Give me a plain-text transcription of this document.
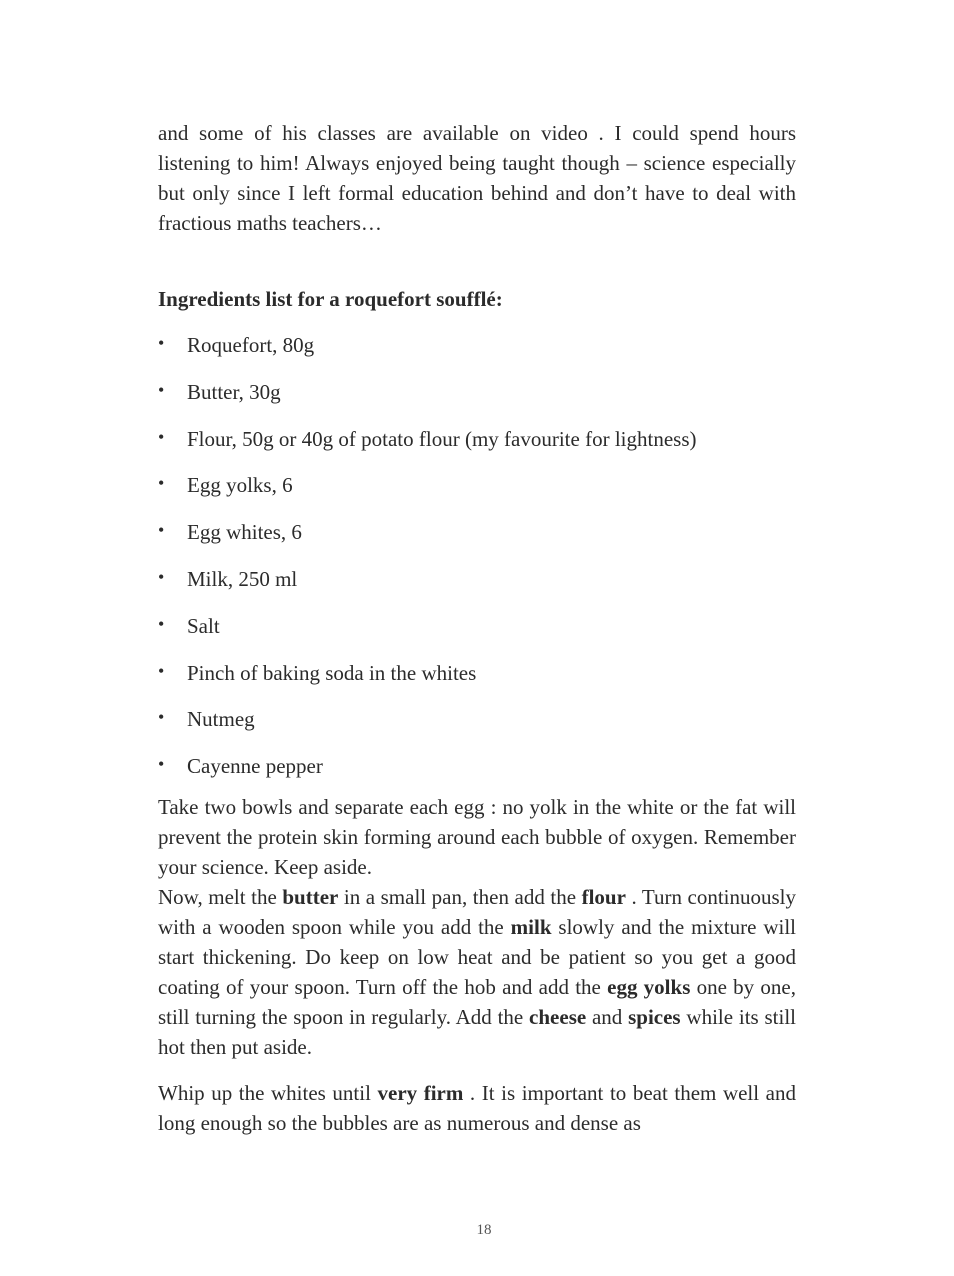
and some of his classes are available on video . I could spend hours listening to him! Always enjoyed being taught though – science especially but only since I left formal education behind and don’t have to deal with fractious maths teachers…

Ingredients list for a roquefort soufflé:

• Roquefort, 80g
• Butter, 30g
• Flour, 50g or 40g of potato flour (my favourite for lightness)
• Egg yolks, 6
• Egg whites, 6
• Milk, 250 ml
• Salt
• Pinch of baking soda in the whites
• Nutmeg
• Cayenne pepper

Take two bowls and separate each egg : no yolk in the white or the fat will prevent the protein skin forming around each bubble of oxygen. Remember your science. Keep aside.

Now, melt the butter in a small pan, then add the flour . Turn continuously with a wooden spoon while you add the milk slowly and the mixture will start thickening. Do keep on low heat and be patient so you get a good coating of your spoon. Turn off the hob and add the egg yolks one by one, still turning the spoon in regularly. Add the cheese and spices while its still hot then put aside.

Whip up the whites until very firm . It is important to beat them well and long enough so the bubbles are as numerous and dense as

18
